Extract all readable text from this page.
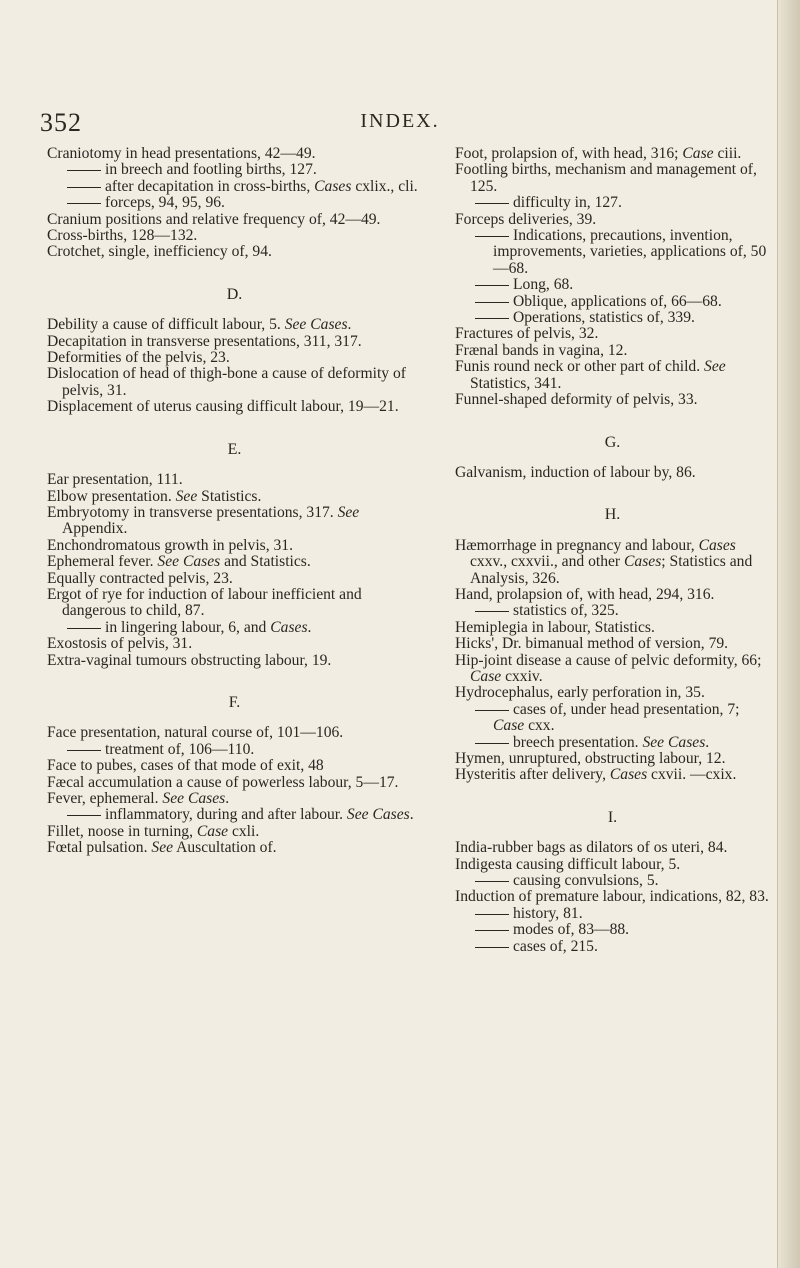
352	INDEX.

Craniotomy in head presentations, 42—49.

in breech and footling births, 127.

after decapitation in cross-births, Cases cxlix., cli.

forceps, 94, 95, 96.

Cranium positions and relative frequency of, 42—49.

Cross-births, 128—132.

Crotchet, single, inefficiency of, 94.

D.

Debility a cause of difficult labour, 5. See Cases.

Decapitation in transverse presentations, 311, 317.

Deformities of the pelvis, 23.

Dislocation of head of thigh-bone a cause of deformity of pelvis, 31.

Displacement of uterus causing difficult labour, 19—21.

E.

Ear presentation, 111.

Elbow presentation. See Statistics.

Embryotomy in transverse presentations, 317. See Appendix.

Enchondromatous growth in pelvis, 31.

Ephemeral fever. See Cases and Statistics.

Equally contracted pelvis, 23.

Ergot of rye for induction of labour inefficient and dangerous to child, 87.

in lingering labour, 6, and Cases.

Exostosis of pelvis, 31.

Extra-vaginal tumours obstructing labour, 19.

F.

Face presentation, natural course of, 101—106.

treatment of, 106—110.

Face to pubes, cases of that mode of exit, 48

Fæcal accumulation a cause of powerless labour, 5—17.

Fever, ephemeral. See Cases.

inflammatory, during and after labour. See Cases.

Fillet, noose in turning, Case cxli.

Fœtal pulsation. See Auscultation of.

Foot, prolapsion of, with head, 316; Case ciii.

Footling births, mechanism and management of, 125.

difficulty in, 127.

Forceps deliveries, 39.

Indications, precautions, invention, improvements, varieties, applications of, 50—68.

Long, 68.

Oblique, applications of, 66—68.

Operations, statistics of, 339.

Fractures of pelvis, 32.

Frænal bands in vagina, 12.

Funis round neck or other part of child. See Statistics, 341.

Funnel-shaped deformity of pelvis, 33.

G.

Galvanism, induction of labour by, 86.

H.

Hæmorrhage in pregnancy and labour, Cases cxxv., cxxvii., and other Cases; Statistics and Analysis, 326.

Hand, prolapsion of, with head, 294, 316.

statistics of, 325.

Hemiplegia in labour, Statistics.

Hicks', Dr. bimanual method of version, 79.

Hip-joint disease a cause of pelvic deformity, 66; Case cxxiv.

Hydrocephalus, early perforation in, 35.

cases of, under head presentation, 7; Case cxx.

breech presentation. See Cases.

Hymen, unruptured, obstructing labour, 12.

Hysteritis after delivery, Cases cxvii. —cxix.

I.

India-rubber bags as dilators of os uteri, 84.

Indigesta causing difficult labour, 5.

causing convulsions, 5.

Induction of premature labour, indications, 82, 83.

history, 81.

modes of, 83—88.

cases of, 215.
